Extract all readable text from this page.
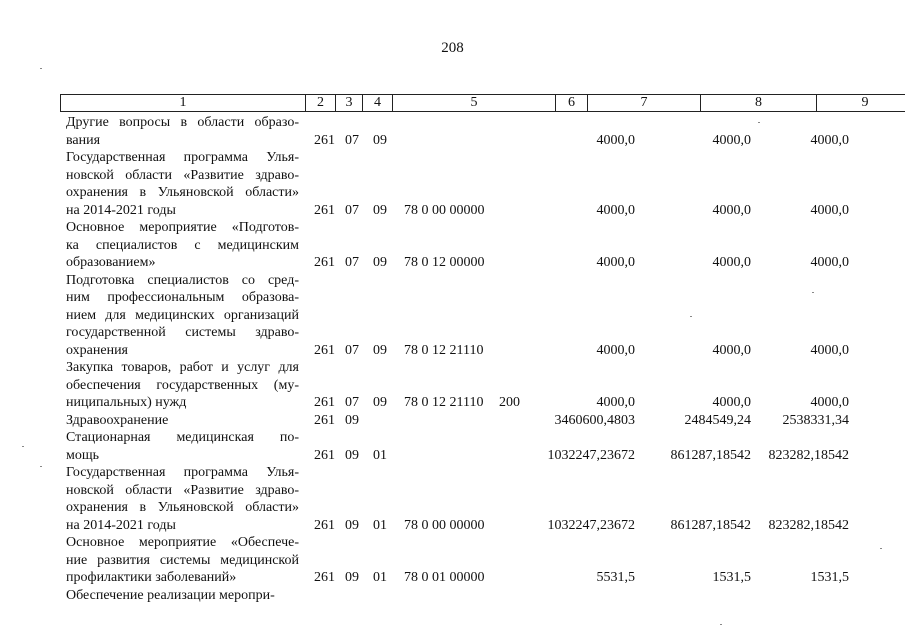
208
1	2	3	4	5	6	7	8	9
Другие вопросы в области образо-
вания	261 07 09	4000,0	4000,0	4000,0
Государственная программа Улья-
новской области «Развитие здраво-
охранения в Ульяновской области»
на 2014-2021 годы	261 07 09 78 0 00 00000	4000,0	4000,0	4000,0
Основное мероприятие «Подготов-
ка специалистов с медицинским
образованием»	261 07 09 78 0 12 00000	4000,0	4000,0	4000,0
Подготовка специалистов со сред-
ним профессиональным образова-
нием для медицинских организаций
государственной системы здраво-
охранения	261 07 09 78 0 12 21110	4000,0	4000,0	4000,0
Закупка товаров, работ и услуг для
обеспечения государственных (му-
ниципальных) нужд	261 07 09 78 0 12 21110 200	4000,0	4000,0	4000,0
Здравоохранение	261 09	3460600,4803	2484549,24 2538331,34
Стационарная медицинская по-
мощь	261 09 01	1032247,23672	861287,18542 823282,18542
Государственная программа Улья-
новской области «Развитие здраво-
охранения в Ульяновской области»
на 2014-2021 годы	261 09 01 78 0 00 00000	1032247,23672	861287,18542 823282,18542
Основное мероприятие «Обеспече-
ние развития системы медицинской
профилактики заболеваний»	261 09 01 78 0 01 00000	5531,5	1531,5	1531,5
Обеспечение реализации меропри-
